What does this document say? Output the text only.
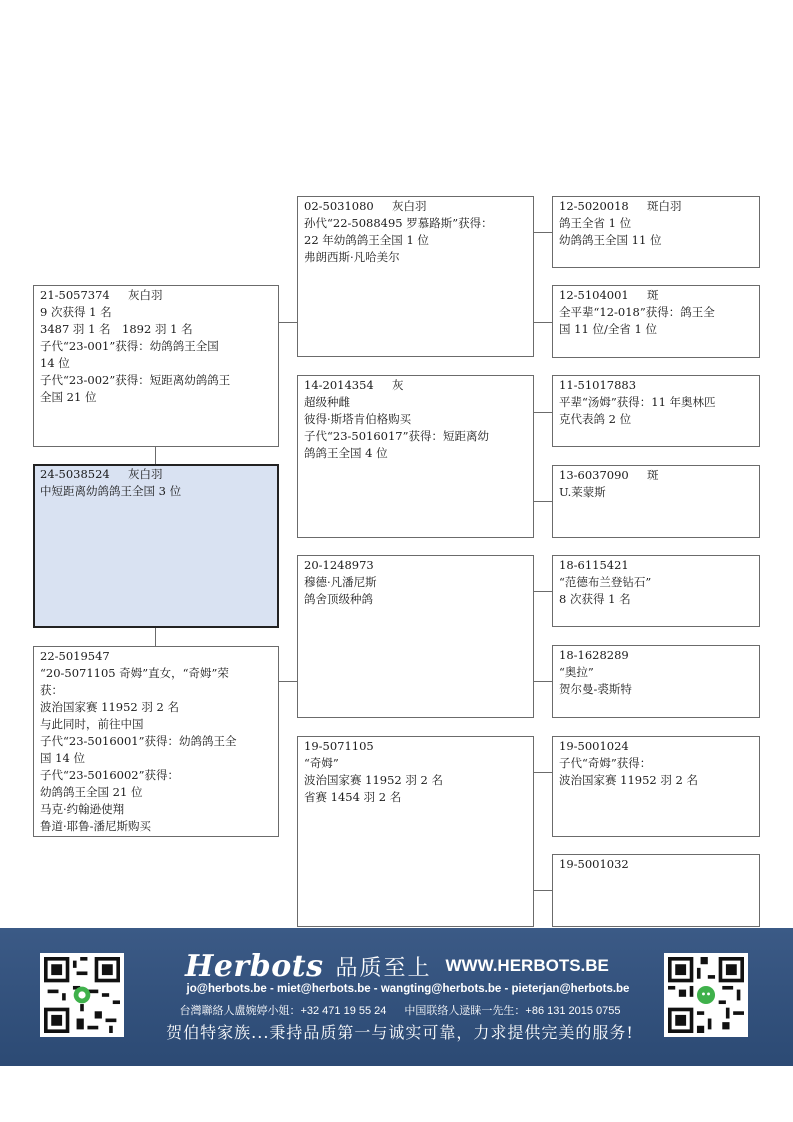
21-5057374 灰白羽
9 次获得 1 名
3487 羽 1 名　1892 羽 1 名
子代“23-001”获得：幼鸽鸽王全国
14 位
子代“23-002”获得：短距离幼鸽鸽王
全国 21 位
24-5038524 灰白羽
中短距离幼鸽鸽王全国 3 位
22-5019547
“20-5071105 奇姆”直女，“奇姆”荣
获：
波治国家赛 11952 羽 2 名
与此同时，前往中国
子代“23-5016001”获得：幼鸽鸽王全
国 14 位
子代“23-5016002”获得：
幼鸽鸽王全国 21 位
马克·约翰逊使翔
鲁道·耶鲁-潘尼斯购买
02-5031080 灰白羽
孙代“22-5088495 罗慕路斯”获得：
22 年幼鸽鸽王全国 1 位
弗朗西斯·凡哈美尔
14-2014354 灰
超级种雌
彼得·斯塔肯伯格购买
子代“23-5016017”获得：短距离幼
鸽鸽王全国 4 位
20-1248973
穆德·凡潘尼斯
鸽舍顶级种鸽
19-5071105
“奇姆”
波治国家赛 11952 羽 2 名
省赛 1454 羽 2 名
12-5020018 斑白羽
鸽王全省 1 位
幼鸽鸽王全国 11 位
12-5104001 斑
全平辈“12-018”获得：鸽王全
国 11 位/全省 1 位
11-51017883
平辈“汤姆”获得：11 年奥林匹
克代表鸽 2 位
13-6037090 斑
U.莱蒙斯
18-6115421
“范德布兰登钻石”
8 次获得 1 名
18-1628289
“奥拉”
贺尔曼-裘斯特
19-5001024
子代“奇姆”获得：
波治国家赛 11952 羽 2 名
19-5001032
Herbots 品质至上 WWW.HERBOTS.BE
jo@herbots.be - miet@herbots.be - wangting@herbots.be - pieterjan@herbots.be
台灣聯絡人盧婉婷小姐：+32 471 19 55 24 中国联络人逯睐一先生：+86 131 2015 0755
贺伯特家族...秉持品质第一与诚实可靠，力求提供完美的服务!
